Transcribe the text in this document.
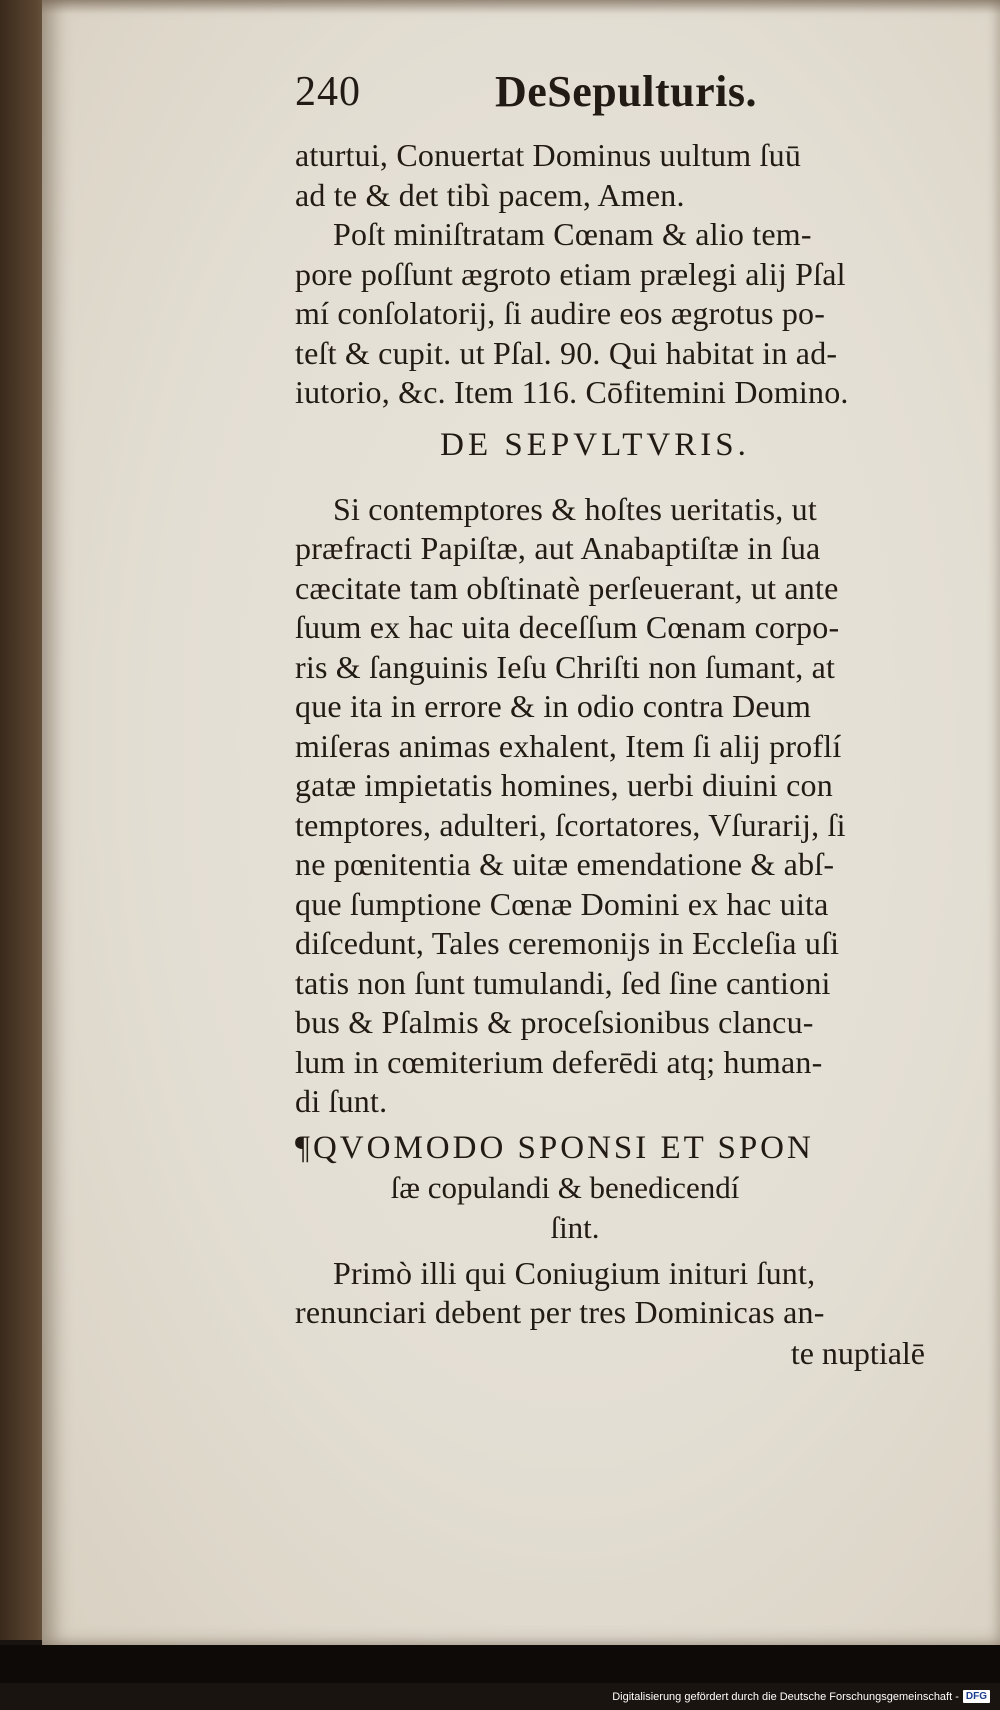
240	DeSepulturis.
aturtui, Conuertat Dominus uultum ſuū
ad te & det tibì pacem, Amen.
Poſt miniſtratam Cœnam & alio tem-
pore poſſunt ægroto etiam prælegi alij Pſal
mí conſolatorij, ſi audire eos ægrotus po-
teſt & cupit. ut Pſal. 90. Qui habitat in ad-
iutorio, &c. Item 116. Cōfitemini Domino.
DE SEPVLTVRIS.
Si contemptores & hoſtes ueritatis, ut
præfracti Papiſtæ, aut Anabaptiſtæ in ſua
cæcitate tam obſtinatè perſeuerant, ut ante
ſuum ex hac uita deceſſum Cœnam corpo-
ris & ſanguinis Ieſu Chriſti non ſumant, at
que ita in errore & in odio contra Deum
miſeras animas exhalent, Item ſi alij proflí
gatæ impietatis homines, uerbi diuini con
temptores, adulteri, ſcortatores, Vſurarij, ſi
ne pœnitentia & uitæ emendatione & abſ-
que ſumptione Cœnæ Domini ex hac uita
diſcedunt, Tales ceremonijs in Eccleſia uſi
tatis non ſunt tumulandi, ſed ſine cantioni
bus & Pſalmis & proceſsionibus clancu-
lum in cœmiterium deferēdi atq; human-
di ſunt.
¶QVOMODO SPONSI ET SPON
ſæ copulandi & benedicendí
ſint.
Primò illi qui Coniugium inituri ſunt,
renunciari debent per tres Dominicas an-
te nuptialē
Digitalisierung gefördert durch die Deutsche Forschungsgemeinschaft - DFG
